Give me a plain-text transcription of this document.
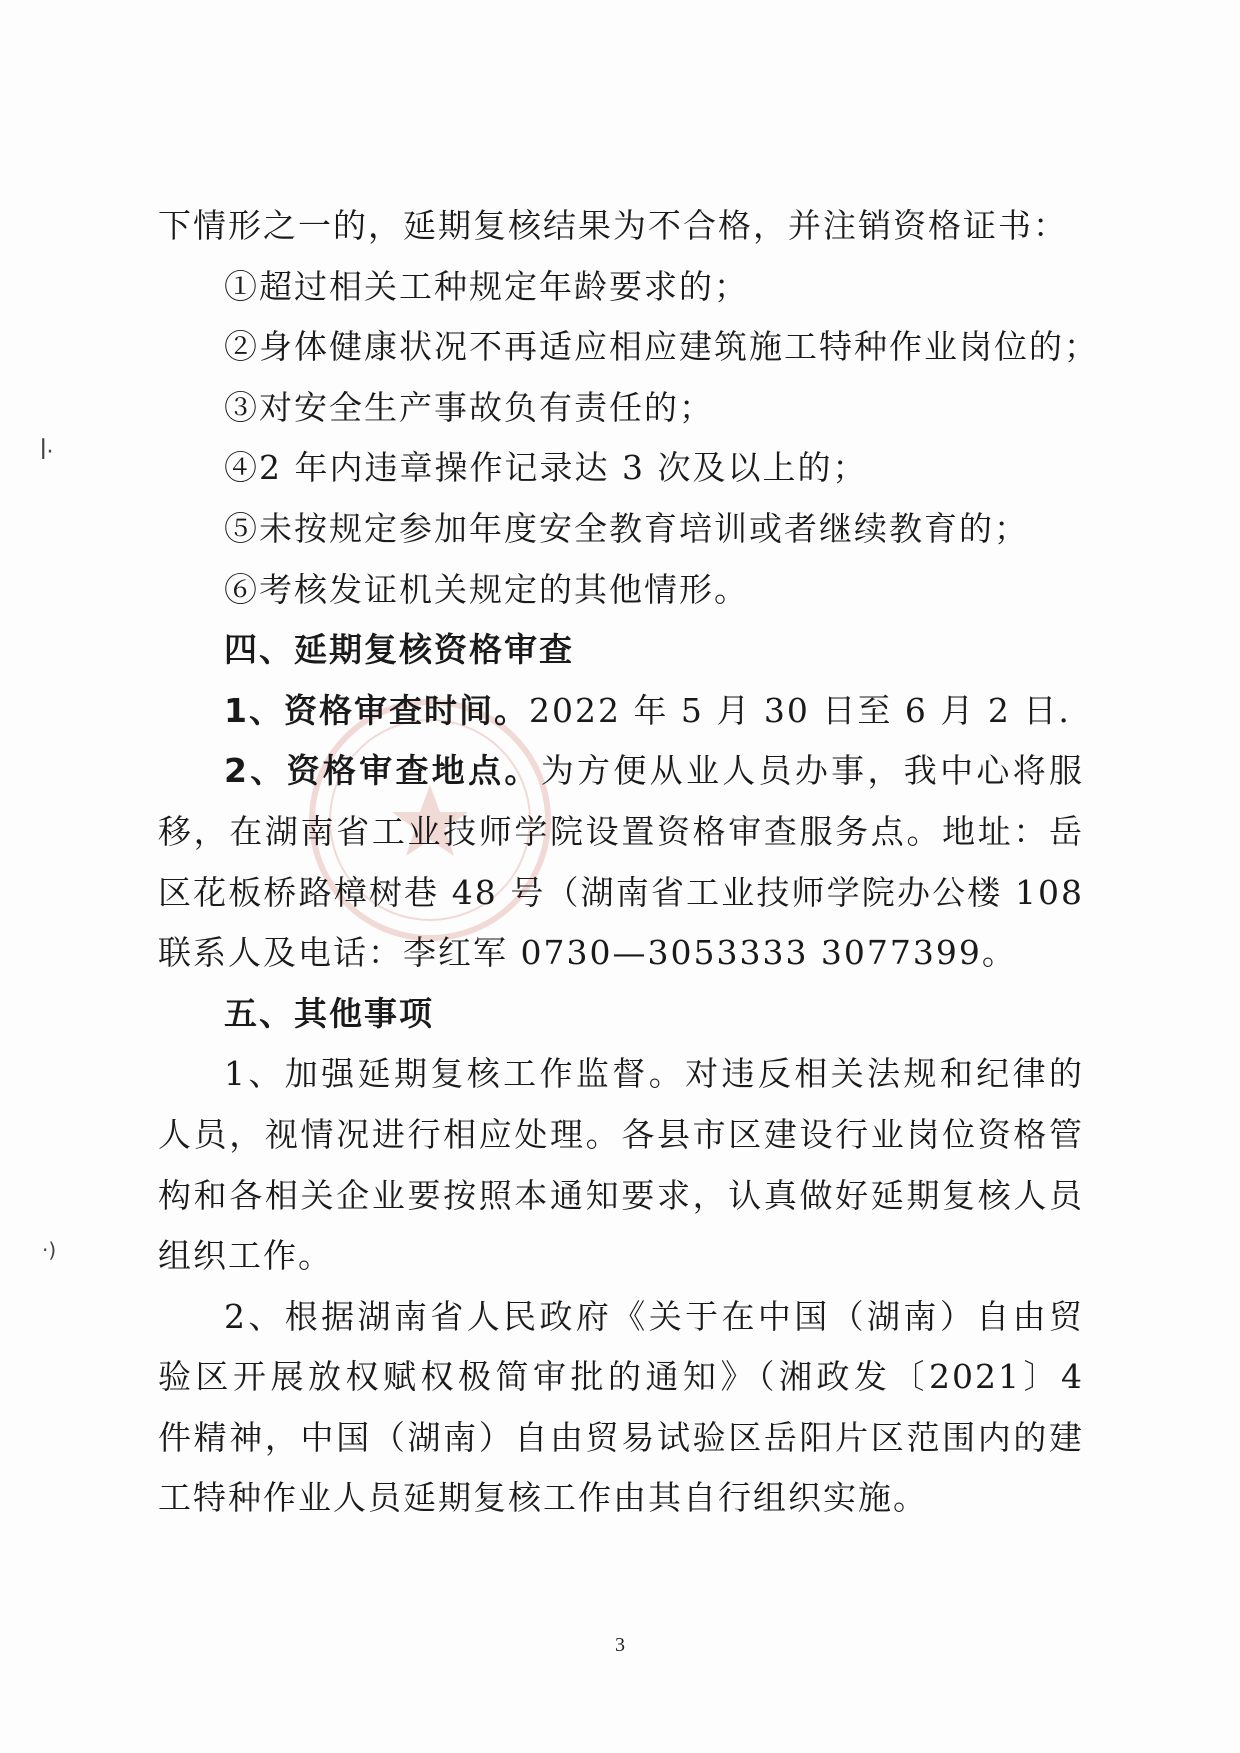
ꟾ·
·)
下情形之一的，延期复核结果为不合格，并注销资格证书：
①超过相关工种规定年龄要求的；
②身体健康状况不再适应相应建筑施工特种作业岗位的；
③对安全生产事故负有责任的；
④2 年内违章操作记录达 3 次及以上的；
⑤未按规定参加年度安全教育培训或者继续教育的；
⑥考核发证机关规定的其他情形。
四、延期复核资格审查
1、资格审查时间。2022 年 5 月 30 日至 6 月 2 日.
2、资格审查地点。为方便从业人员办事，我中心将服
移，在湖南省工业技师学院设置资格审查服务点。地址：岳
区花板桥路樟树巷 48 号（湖南省工业技师学院办公楼 108
联系人及电话：李红军 0730—3053333 3077399。
五、其他事项
1、加强延期复核工作监督。对违反相关法规和纪律的
人员，视情况进行相应处理。各县市区建设行业岗位资格管
构和各相关企业要按照本通知要求，认真做好延期复核人员
组织工作。
2、根据湖南省人民政府《关于在中国（湖南）自由贸
验区开展放权赋权极简审批的通知》（湘政发〔2021〕4
件精神，中国（湖南）自由贸易试验区岳阳片区范围内的建
工特种作业人员延期复核工作由其自行组织实施。
3
